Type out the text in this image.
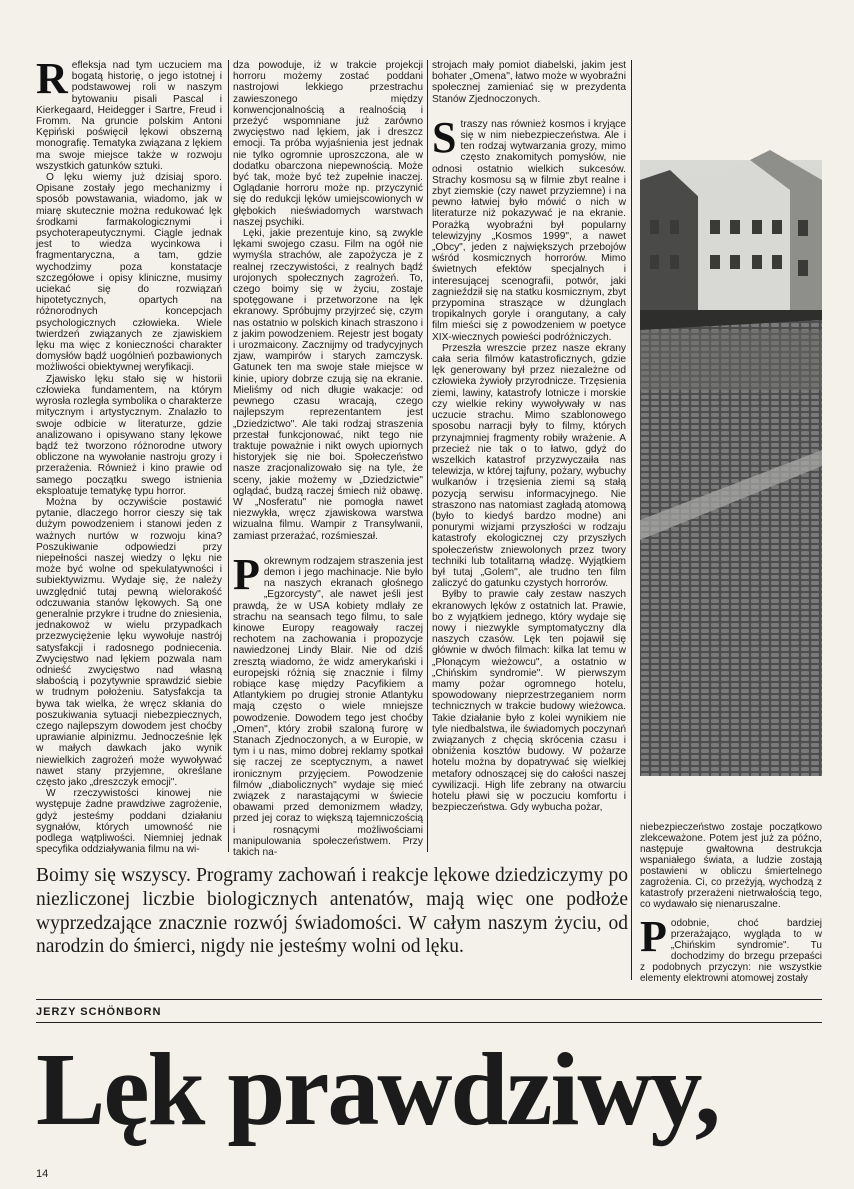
Refleksja nad tym uczuciem ma bogatą historię, o jego istotnej i podstawowej roli w naszym bytowaniu pisali Pascal i Kierkegaard, Heidegger i Sartre, Freud i Fromm. Na gruncie polskim Antoni Kępiński poświęcił lękowi obszerną monografię. Tematyka związana z lękiem ma swoje miejsce także w rozwoju wszystkich gatunków sztuki.

O lęku wiemy już dzisiaj sporo. Opisane zostały jego mechanizmy i sposób powstawania, wiadomo, jak w miarę skutecznie można redukować lęk środkami farmakologicznymi i psychoterapeutycznymi. Ciągle jednak jest to wiedza wycinkowa i fragmentaryczna, a tam, gdzie wychodzimy poza konstatacje szczegółowe i opisy kliniczne, musimy uciekać się do rozwiązań hipotetycznych, opartych na różnorodnych koncepcjach psychologicznych człowieka. Wiele twierdzeń związanych ze zjawiskiem lęku ma więc z konieczności charakter domysłów bądź uogólnień pozbawionych możliwości obiektywnej weryfikacji.

Zjawisko lęku stało się w historii człowieka fundamentem, na którym wyrosła rozległa symbolika o charakterze mitycznym i artystycznym. Znalazło to swoje odbicie w literaturze, gdzie analizowano i opisywano stany lękowe bądź też tworzono różnorodne utwory obliczone na wywołanie nastroju grozy i przerażenia. Również i kino prawie od samego początku swego istnienia eksploatuje tematykę typu horror.

Można by oczywiście postawić pytanie, dlaczego horror cieszy się tak dużym powodzeniem i stanowi jeden z ważnych nurtów w rozwoju kina? Poszukiwanie odpowiedzi przy niepełności naszej wiedzy o lęku nie może być wolne od spekulatywności i subiektywizmu. Wydaje się, że należy uwzględnić tutaj pewną wielorakość odczuwania stanów lękowych. Są one generalnie przykre i trudne do zniesienia, jednakowoż w wielu przypadkach przezwyciężenie lęku wywołuje nastrój satysfakcji i radosnego podniecenia. Zwycięstwo nad lękiem pozwala nam odnieść zwycięstwo nad własną słabością i pozytywnie sprawdzić siebie w trudnym położeniu. Satysfakcja ta bywa tak wielka, że wręcz skłania do poszukiwania sytuacji niebezpiecznych, czego najlepszym dowodem jest choćby uprawianie alpinizmu. Jednocześnie lęk w małych dawkach jako wynik niewielkich zagrożeń może wywoływać nawet stany przyjemne, określane często jako „dreszczyk emocji".

W rzeczywistości kinowej nie występuje żadne prawdziwe zagrożenie, gdyż jesteśmy poddani działaniu sygnałów, których umowność nie podlega wątpliwości. Niemniej jednak specyfika oddziaływania filmu na wi-

dza powoduje, iż w trakcie projekcji horroru możemy zostać poddani nastrojowi lekkiego przestrachu zawieszonego między konwencjonalnością a realnością i przeżyć wspomniane już zarówno zwycięstwo nad lękiem, jak i dreszcz emocji. Ta próba wyjaśnienia jest jednak nie tylko ogromnie uproszczona, ale w dodatku obarczona niepewnością. Może być tak, może być też zupełnie inaczej. Oglądanie horroru może np. przyczynić się do redukcji lęków umiejscowionych w głębokich nieświadomych warstwach naszej psychiki.

Lęki, jakie prezentuje kino, są zwykle lękami swojego czasu. Film na ogół nie wymyśla strachów, ale zapożycza je z realnej rzeczywistości, z realnych bądź urojonych społecznych zagrożeń. To, czego boimy się w życiu, zostaje spotęgowane i przetworzone na lęk ekranowy. Spróbujmy przyjrzeć się, czym nas ostatnio w polskich kinach straszono i z jakim powodzeniem. Rejestr jest bogaty i urozmaicony. Zacznijmy od tradycyjnych zjaw, wampirów i starych zamczysk. Gatunek ten ma swoje stałe miejsce w kinie, upiory dobrze czują się na ekranie. Mieliśmy od nich długie wakacje: od pewnego czasu wracają, czego najlepszym reprezentantem jest „Dziedzictwo". Ale taki rodzaj straszenia przestał funkcjonować, nikt tego nie traktuje poważnie i nikt owych upiornych historyjek się nie boi. Społeczeństwo nasze zracjonalizowało się na tyle, że sceny, jakie możemy w „Dziedzictwie" oglądać, budzą raczej śmiech niż obawę. W „Nosferatu" nie pomogła nawet niezwykła, wręcz zjawiskowa warstwa wizualna filmu. Wampir z Transylwanii, zamiast przerażać, rozśmieszał.

Pokrewnym rodzajem straszenia jest demon i jego machinacje. Nie było na naszych ekranach głośnego „Egzorcysty", ale nawet jeśli jest prawdą, że w USA kobiety mdlały ze strachu na seansach tego filmu, to sale kinowe Europy reagowały raczej rechotem na zachowania i propozycje nawiedzonej Lindy Blair. Nie od dziś zresztą wiadomo, że widz amerykański i europejski różnią się znacznie i filmy robiące kasę między Pacyfikiem a Atlantykiem po drugiej stronie Atlantyku mają często o wiele mniejsze powodzenie. Dowodem tego jest choćby „Omen", który zrobił szaloną furorę w Stanach Zjednoczonych, a w Europie, w tym i u nas, mimo dobrej reklamy spotkał się raczej ze sceptycznym, a nawet ironicznym przyjęciem. Powodzenie filmów „diabolicznych" wydaje się mieć związek z narastającymi w świecie obawami przed demonizmem władzy, przed jej coraz to większą tajemniczością i rosnącymi możliwościami manipulowania społeczeństwem. Przy takich na-

strojach mały pomiot diabelski, jakim jest bohater „Omena", łatwo może w wyobraźni społecznej zamieniać się w prezydenta Stanów Zjednoczonych.

Straszy nas również kosmos i kryjące się w nim niebezpieczeństwa. Ale i ten rodzaj wytwarzania grozy, mimo często znakomitych pomysłów, nie odnosi ostatnio wielkich sukcesów. Strachy kosmosu są w filmie zbyt realne i zbyt ziemskie (czy nawet przyziemne) i na pewno łatwiej było mówić o nich w literaturze niż pokazywać je na ekranie. Porażką wyobraźni był popularny telewizyjny „Kosmos 1999", a nawet „Obcy", jeden z największych przebojów wśród kosmicznych horrorów. Mimo świetnych efektów specjalnych i interesującej scenografii, potwór, jaki zagnieździł się na statku kosmicznym, zbyt przypomina straszące w dżunglach tropikalnych goryle i orangutany, a cały film mieści się z powodzeniem w poetyce XIX-wiecznych powieści podróżniczych.

Przeszła wreszcie przez nasze ekrany cała seria filmów katastroficznych, gdzie lęk generowany był przez niezależne od człowieka żywioły przyrodnicze. Trzęsienia ziemi, lawiny, katastrofy lotnicze i morskie czy wielkie rekiny wywoływały w nas uczucie strachu. Mimo szablonowego sposobu narracji były to filmy, których przynajmniej fragmenty robiły wrażenie. A przecież nie tak o to łatwo, gdyż do wszelkich katastrof przyzwyczaiła nas telewizja, w której tajfuny, pożary, wybuchy wulkanów i trzęsienia ziemi są stałą pozycją serwisu informacyjnego. Nie straszono nas natomiast zagładą atomową (było to kiedyś bardzo modne) ani ponurymi wizjami przyszłości w rodzaju katastrofy ekologicznej czy przyszłych społeczeństw zniewolonych przez twory techniki lub totalitarną władzę. Wyjątkiem był tutaj „Golem", ale trudno ten film zaliczyć do gatunku czystych horrorów.

Byłby to prawie cały zestaw naszych ekranowych lęków z ostatnich lat. Prawie, bo z wyjątkiem jednego, który wydaje się nowy i niezwykle symptomatyczny dla naszych czasów. Lęk ten pojawił się głównie w dwóch filmach: kilka lat temu w „Płonącym wieżowcu", a ostatnio w „Chińskim syndromie". W pierwszym mamy pożar ogromnego hotelu, spowodowany nieprzestrzeganiem norm technicznych w trakcie budowy wieżowca. Takie działanie było z kolei wynikiem nie tyle niedbalstwa, ile świadomych poczynań związanych z chęcią skrócenia czasu i obniżenia kosztów budowy. W pożarze hotelu można by dopatrywać się wielkiej metafory odnoszącej się do całości naszej cywilizacji. High life zebrany na otwarciu hotelu pławi się w poczuciu komfortu i bezpieczeństwa. Gdy wybucha pożar,

niebezpieczeństwo zostaje początkowo zlekceważone. Potem jest już za późno, następuje gwałtowna destrukcja wspaniałego świata, a ludzie zostają postawieni w obliczu śmiertelnego zagrożenia. Ci, co przeżyją, wychodzą z katastrofy przerażeni nietrwałością tego, co wydawało się nienaruszalne.

Podobnie, choć bardziej przerażająco, wygląda to w „Chińskim syndromie". Tu dochodzimy do brzegu przepaści z podobnych przyczyn: nie wszystkie elementy elektrowni atomowej zostały

Boimy się wszyscy. Programy zachowań i reakcje lękowe dziedziczymy po niezliczonej liczbie biologicznych antenatów, mają więc one podłoże wyprzedzające znacznie rozwój świadomości. W całym naszym życiu, od narodzin do śmierci, nigdy nie jesteśmy wolni od lęku.
JERZY SCHÖNBORN
Lęk prawdziwy,
14
